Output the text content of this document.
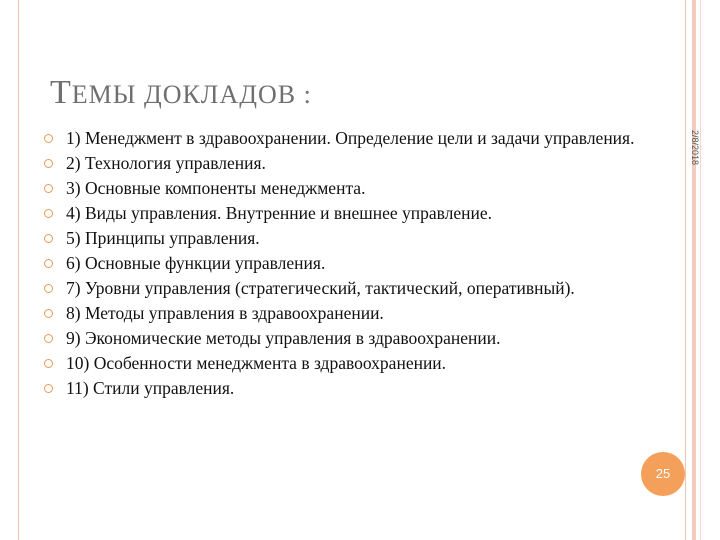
ТЕМЫ ДОКЛАДОВ :
2/8/2018
1) Менеджмент в здравоохранении. Определение цели и задачи управления.
2) Технология управления.
3) Основные компоненты менеджмента.
4) Виды управления. Внутренние и внешнее управление.
5) Принципы управления.
6) Основные функции управления.
7) Уровни управления (стратегический, тактический, оперативный).
8) Методы управления в здравоохранении.
9) Экономические методы управления в здравоохранении.
10) Особенности менеджмента в здравоохранении.
11) Стили управления.
25
